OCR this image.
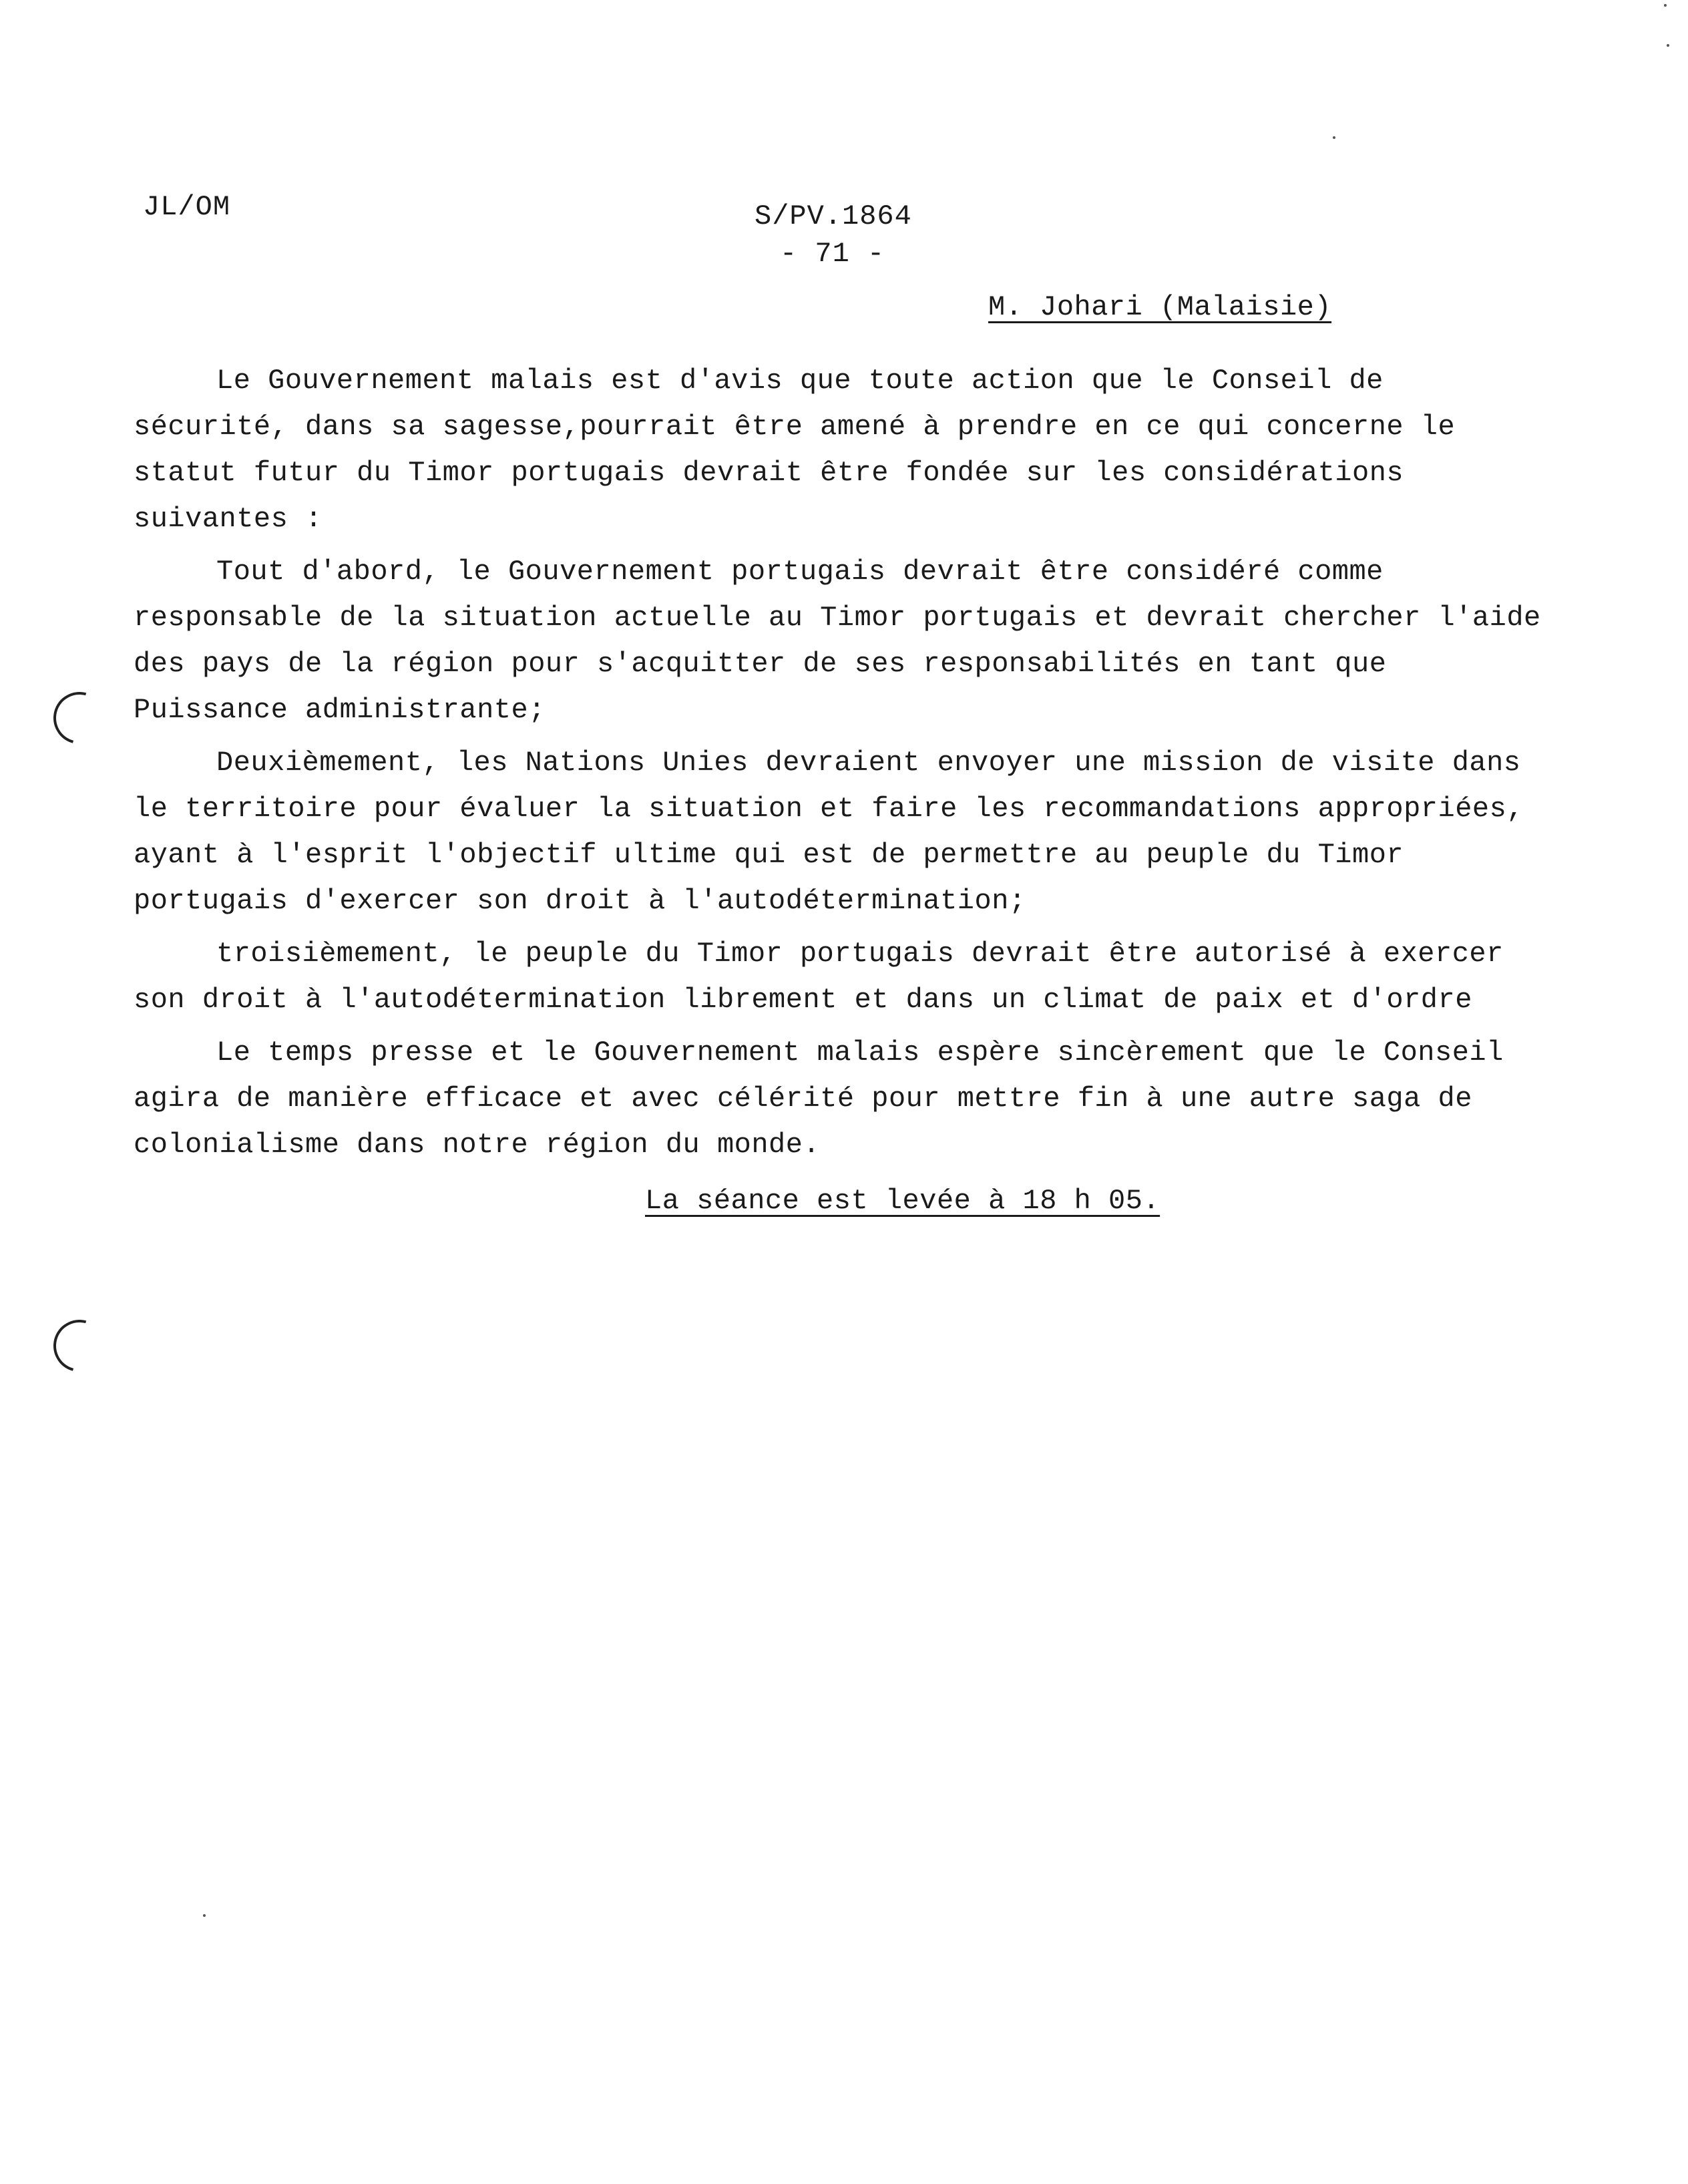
JL/OM	S/PV.1864
- 71 -
M. Johari (Malaisie)

Le Gouvernement malais est d'avis que toute action que le Conseil de sécurité, dans sa sagesse,pourrait être amené à prendre en ce qui concerne le statut futur du Timor portugais devrait être fondée sur les considérations suivantes :

Tout d'abord, le Gouvernement portugais devrait être considéré comme responsable de la situation actuelle au Timor portugais et devrait chercher l'aide des pays de la région pour s'acquitter de ses responsabilités en tant que Puissance administrante;

Deuxièmement, les Nations Unies devraient envoyer une mission de visite dans le territoire pour évaluer la situation et faire les recommandations appropriées, ayant à l'esprit l'objectif ultime qui est de permettre au peuple du Timor portugais d'exercer son droit à l'autodétermination;

troisièmement, le peuple du Timor portugais devrait être autorisé à exercer son droit à l'autodétermination librement et dans un climat de paix et d'ordre

Le temps presse et le Gouvernement malais espère sincèrement que le Conseil agira de manière efficace et avec célérité pour mettre fin à une autre saga de colonialisme dans notre région du monde.

La séance est levée à 18 h 05.
